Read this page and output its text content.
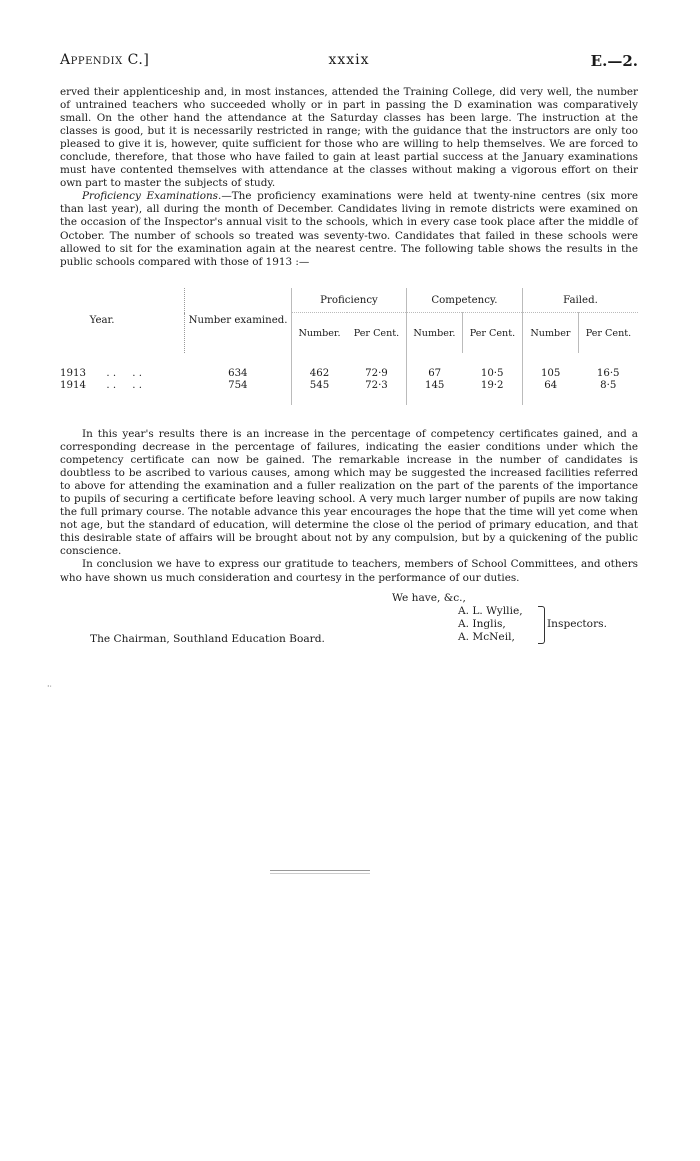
Appendix C.]	xxxix	E.—2.

erved their applenticeship and, in most instances, attended the Training College, did very well, the number of untrained teachers who succeeded wholly or in part in passing the D examination was comparatively small. On the other hand the attendance at the Saturday classes has been large. The instruction at the classes is good, but it is necessarily restricted in range; with the guidance that the instructors are only too pleased to give it is, however, quite sufficient for those who are willing to help themselves. We are forced to conclude, therefore, that those who have failed to gain at least partial success at the January examinations must have contented themselves with attendance at the classes without making a vigorous effort on their own part to master the subjects of study.

Proficiency Examinations.—The proficiency examinations were held at twenty-nine centres (six more than last year), all during the month of December. Candidates living in remote districts were examined on the occasion of the Inspector's annual visit to the schools, which in every case took place after the middle of October. The number of schools so treated was seventy-two. Candidates that failed in these schools were allowed to sit for the examination again at the nearest centre. The following table shows the results in the public schools compared with those of 1913 :—

Year.	Number examined.	Proficiency		Competency.		Failed.	
		Number.	Per Cent.	Number.	Per Cent.	Number	Per Cent.

1913 . .     . .	634	462	72·9	67	10·5	105	16·5
1914 . .     . .	754	545	72·3	145	19·2	64	8·5

In this year's results there is an increase in the percentage of competency certificates gained, and a corresponding decrease in the percentage of failures, indicating the easier conditions under which the competency certificate can now be gained. The remarkable increase in the number of candidates is doubtless to be ascribed to various causes, among which may be suggested the increased facilities referred to above for attending the examination and a fuller realization on the part of the parents of the importance to pupils of securing a certificate before leaving school. A very much larger number of pupils are now taking the full primary course. The notable advance this year encourages the hope that the time will yet come when not age, but the standard of education, will determine the close ol the period of primary education, and that this desirable state of affairs will be brought about not by any compulsion, but by a quickening of the public conscience.

In conclusion we have to express our gratitude to teachers, members of School Committees, and others who have shown us much consideration and courtesy in the performance of our duties.

We have, &c.,
A. L. Wyllie,
A. Inglis,
A. McNeil,
Inspectors.
The Chairman, Southland Education Board.
·ᐧ
